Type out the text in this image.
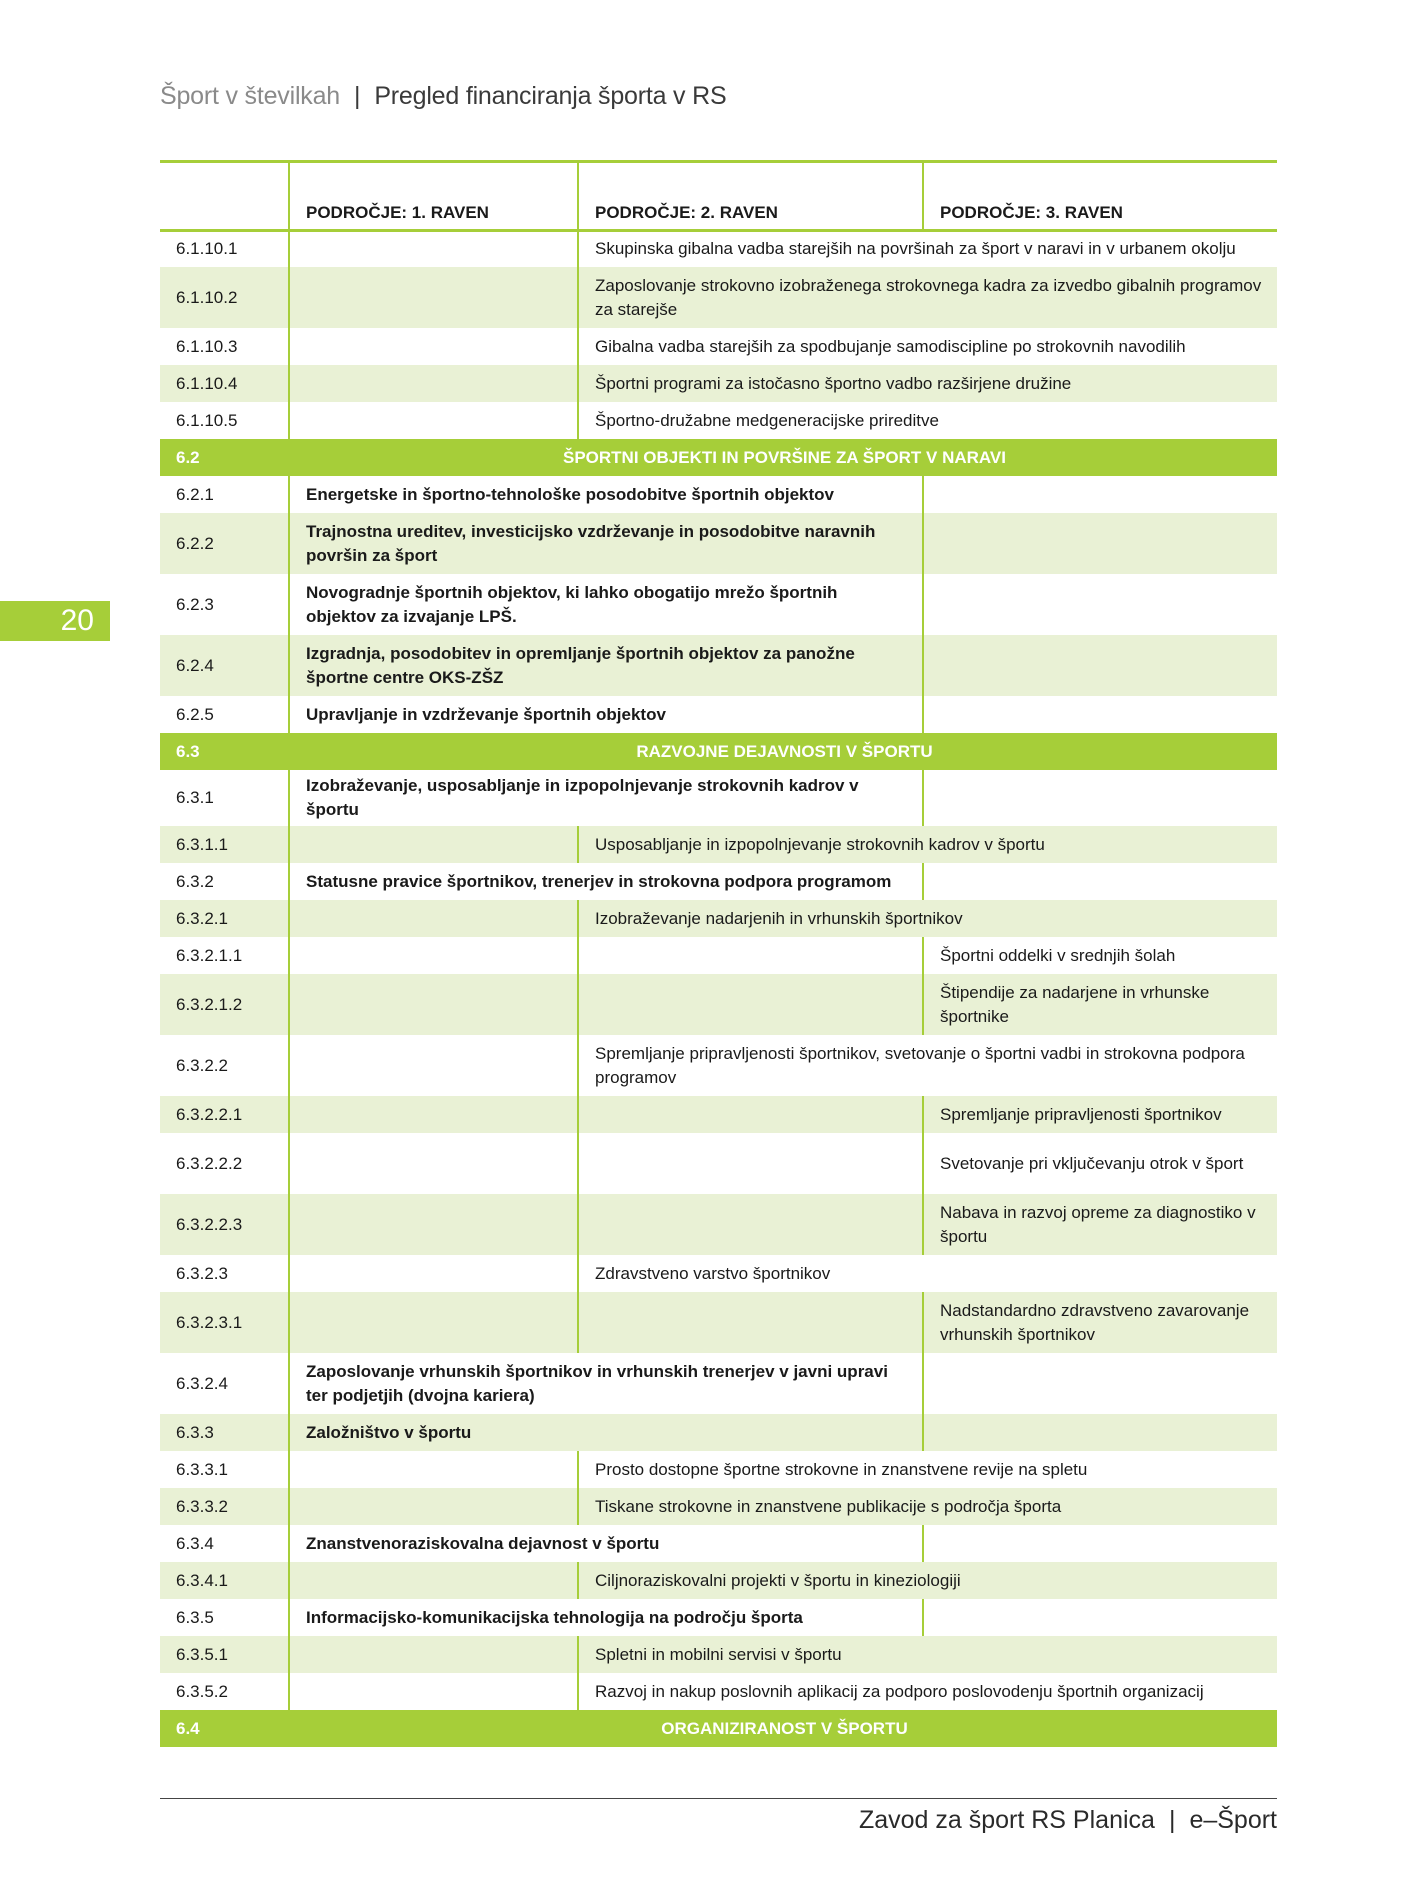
Šport v številkah | Pregled financiranja športa v RS
20
	PODROČJE: 1. RAVEN	PODROČJE: 2. RAVEN	PODROČJE: 3. RAVEN
6.1.10.1		Skupinska gibalna vadba starejših na površinah za šport v naravi in v urbanem okolju	
6.1.10.2		Zaposlovanje strokovno izobraženega strokovnega kadra za izvedbo gibalnih programov za starejše	
6.1.10.3		Gibalna vadba starejših za spodbujanje samodiscipline po strokovnih navodilih	
6.1.10.4		Športni programi za istočasno športno vadbo razširjene družine	
6.1.10.5		Športno-družabne medgeneracijske prireditve	
6.2	ŠPORTNI OBJEKTI IN POVRŠINE ZA ŠPORT V NARAVI		
6.2.1	Energetske in športno-tehnološke posodobitve športnih objektov		
6.2.2	Trajnostna ureditev, investicijsko vzdrževanje in posodobitve naravnih površin za šport		
6.2.3	Novogradnje športnih objektov, ki lahko obogatijo mrežo športnih objektov za izvajanje LPŠ.		
6.2.4	Izgradnja, posodobitev in opremljanje športnih objektov za panožne športne centre OKS-ZŠZ		
6.2.5	Upravljanje in vzdrževanje športnih objektov		
6.3	RAZVOJNE DEJAVNOSTI V ŠPORTU		
6.3.1	Izobraževanje, usposabljanje in izpopolnjevanje strokovnih kadrov v športu		
6.3.1.1		Usposabljanje in izpopolnjevanje strokovnih kadrov v športu	
6.3.2	Statusne pravice športnikov, trenerjev in strokovna podpora programom		
6.3.2.1		Izobraževanje nadarjenih in vrhunskih športnikov	
6.3.2.1.1			Športni oddelki v srednjih šolah
6.3.2.1.2			Štipendije za nadarjene in vrhunske športnike
6.3.2.2		Spremljanje pripravljenosti športnikov, svetovanje o športni vadbi in strokovna podpora programov	
6.3.2.2.1			Spremljanje pripravljenosti športnikov
6.3.2.2.2			Svetovanje pri vključevanju otrok v šport
6.3.2.2.3			Nabava in razvoj opreme za diagnostiko v športu
6.3.2.3		Zdravstveno varstvo športnikov	
6.3.2.3.1			Nadstandardno zdravstveno zavarovanje vrhunskih športnikov
6.3.2.4	Zaposlovanje vrhunskih športnikov in vrhunskih trenerjev v javni upravi ter podjetjih (dvojna kariera)		
6.3.3	Založništvo v športu		
6.3.3.1		Prosto dostopne športne strokovne in znanstvene revije na spletu	
6.3.3.2		Tiskane strokovne in znanstvene publikacije s področja športa	
6.3.4	Znanstvenoraziskovalna dejavnost v športu		
6.3.4.1		Ciljnoraziskovalni projekti v športu in kineziologiji	
6.3.5	Informacijsko-komunikacijska tehnologija na področju športa		
6.3.5.1		Spletni in mobilni servisi v športu	
6.3.5.2		Razvoj in nakup poslovnih aplikacij za podporo poslovodenju športnih organizacij	
6.4	ORGANIZIRANOST V ŠPORTU		
Zavod za šport RS Planica | e–Šport
